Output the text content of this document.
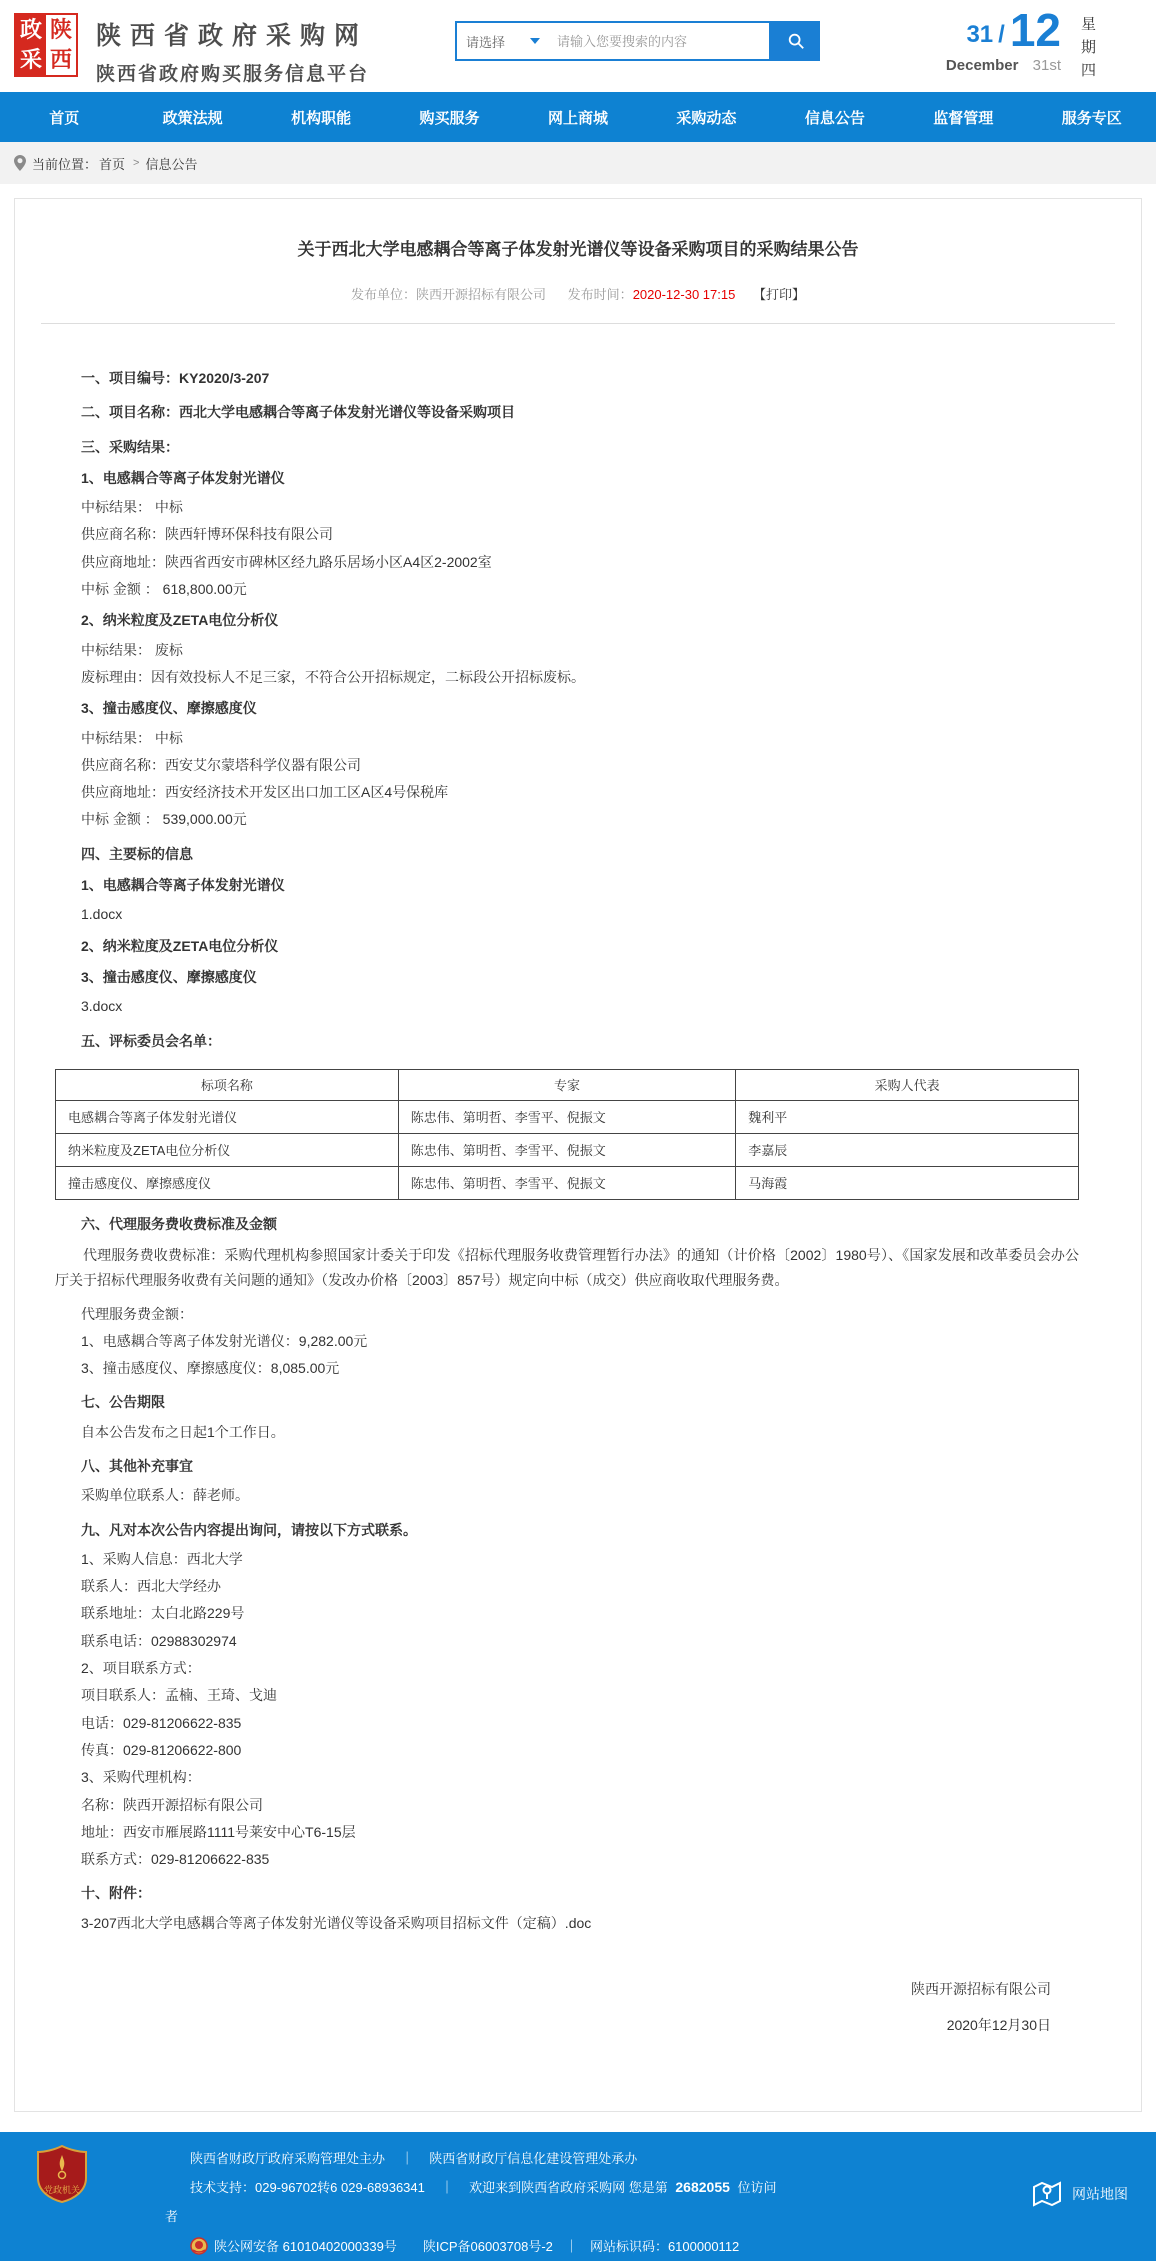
政 陕
采 西
陕西省政府采购网
陕西省政府购买服务信息平台
请选择
请输入您要搜索的内容	31 / 12
December 31st 星期四
首页	政策法规	机构职能	购买服务	网上商城	采购动态	信息公告	监督管理	服务专区
当前位置： 首页 > 信息公告
关于西北大学电感耦合等离子体发射光谱仪等设备采购项目的采购结果公告
发布单位：陕西开源招标有限公司 发布时间：2020-12-30 17:15 【打印】

一、项目编号：KY2020/3-207

二、项目名称：西北大学电感耦合等离子体发射光谱仪等设备采购项目

三、采购结果：

1、电感耦合等离子体发射光谱仪

中标结果： 中标

供应商名称：陕西轩博环保科技有限公司

供应商地址：陕西省西安市碑林区经九路乐居场小区A4区2-2002室

中标 金额 ： 618,800.00元

2、纳米粒度及ZETA电位分析仪

中标结果： 废标

废标理由：因有效投标人不足三家，不符合公开招标规定，二标段公开招标废标。

3、撞击感度仪、摩擦感度仪

中标结果： 中标

供应商名称：西安艾尔蒙塔科学仪器有限公司

供应商地址：西安经济技术开发区出口加工区A区4号保税库

中标 金额 ： 539,000.00元

四、主要标的信息

1、电感耦合等离子体发射光谱仪

1.docx

2、纳米粒度及ZETA电位分析仪

3、撞击感度仪、摩擦感度仪

3.docx

五、评标委员会名单：

标项名称	专家	采购人代表
电感耦合等离子体发射光谱仪	陈忠伟、第明哲、李雪平、倪振文	魏利平
纳米粒度及ZETA电位分析仪	陈忠伟、第明哲、李雪平、倪振文	李嘉辰
撞击感度仪、摩擦感度仪	陈忠伟、第明哲、李雪平、倪振文	马海霞

六、代理服务费收费标准及金额

代理服务费收费标准：采购代理机构参照国家计委关于印发《招标代理服务收费管理暂行办法》的通知（计价格〔2002〕1980号）、《国家发展和改革委员会办公厅关于招标代理服务收费有关问题的通知》（发改办价格〔2003〕857号）规定向中标（成交）供应商收取代理服务费。

代理服务费金额：

1、电感耦合等离子体发射光谱仪：9,282.00元

3、撞击感度仪、摩擦感度仪：8,085.00元

七、公告期限

自本公告发布之日起1个工作日。

八、其他补充事宜

采购单位联系人：薛老师。

九、凡对本次公告内容提出询问，请按以下方式联系。

1、采购人信息：西北大学

联系人：西北大学经办

联系地址：太白北路229号

联系电话：02988302974

2、项目联系方式：

项目联系人：孟楠、王琦、戈迪

电话：029-81206622-835

传真：029-81206622-800

3、采购代理机构：

名称：陕西开源招标有限公司

地址：西安市雁展路1111号莱安中心T6-15层

联系方式：029-81206622-835

十、附件：

3-207西北大学电感耦合等离子体发射光谱仪等设备采购项目招标文件（定稿）.doc

陕西开源招标有限公司
2020年12月30日
党政机关
陕西省财政厅政府采购管理处主办 ｜ 陕西省财政厅信息化建设管理处承办
技术支持：029-96702转6 029-68936341 ｜ 欢迎来到陕西省政府采购网 您是第 2682055 位访问
者
陕公网安备 61010402000339号 陕ICP备06003708号-2 ｜ 网站标识码：6100000112
网站地图
